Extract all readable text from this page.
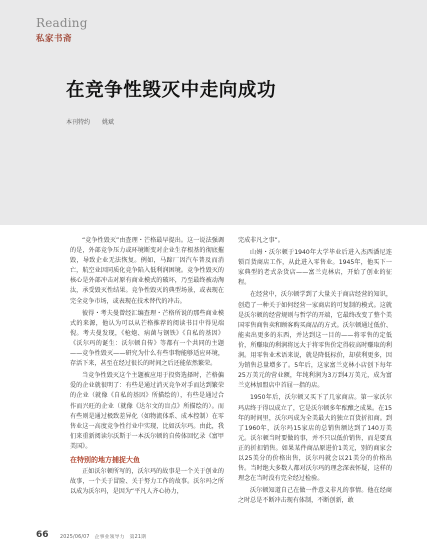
Reading
私家书斋
在竞争性毁灭中走向成功
本刊特约 姚斌

“竞争性毁灭”由查理・芒格最早提出。这一说法强调的是，外部竞争压力或环境断变对企业生存根基的彻底摧毁，导致企业无法恢复。例如，马蹄厂因汽车普及而消亡，航空业因同质化竞争陷入低利润困境。竞争性毁灭的核心是外部冲击对原有商业模式的破坏，乃至最终被动淘汰，承受毁灭性结果。竞争性毁灭的典型场景，或表现在完全竞争市场，或表现在技术替代的冲击。

彼得・考夫曼曾经汇编查理・芒格所说的那些商业模式的来源，他认为可以从芒格推荐的阅读书目中得见端倪。考夫曼发现，《枪炮、病菌与钢铁》《自私的基因》《沃尔玛的诞生：沃尔顿自传》等都有一个共同的主题——竞争性毁灭——研究为什么有些事物能够适应环境，存活下来，甚至在经过很长的时间之后还能依然繁荣。

当竞争性毁灭这个主题被应用于投资选择时，芒格偏爱的企业就很明了：有些是通过消灭竞争对手而达到繁荣的企业（就像《自私的基因》所描绘的），有些是通过合作而兴旺的企业（就像《达尔文的盲点》所描绘的）。而有些则是通过极致差异化（如物流体系、成本控制）在零售业这一高度竞争性行业中实现，比如沃尔玛。由此，我们来重新阅读尔沃斯于一本沃尔顿的自传体回忆录《富甲美国》。

在特别的地方捕捉大鱼

正如沃尔顿所写的，沃尔玛的故事是一个关于创业的故事，一个关于冒险、关于努力工作的故事。沃尔玛之所以成为沃尔玛，是因为“平凡人齐心协力，

完成非凡之事”。

山姆・沃尔顿于1940年大学毕业后进入杰西潘尼连锁百货商店工作，从此进入零售业。1945年，他买下一家典型的老式杂货店——富兰克林店，开始了创业的征程。

在经营中，沃尔顿学到了大量关于商店经营的知识，创造了一种关于如何经营一家商店的可复制的模式。这就是沃尔顿的经营规则与哲学的开端，它最终改变了整个美国零售商售卖和顾客购买商品的方式。沃尔顿通过低价、能卖出更多的东西，并达到这一目的——将零售的定低价，所赚取的利润将远大于将零售价定得较高时赚取的利润。用零售业术语来说，就是降低标价，却获利更多，因为销售总量增多了。5年后，这家富兰克林小店创下每年25万美元的营业额，年纯利润为3万到4万美元，成为富兰克林加盟店中首屈一指的店。

1950年后，沃尔顿又买下了几家商店。第一家沃尔玛店终于得以成立了，它是沃尔顿多年酝酿之成果。在15年的时间里，沃尔玛成为全美最大的独立百货折扣商。到了1960年，沃尔玛15家店的总销售额达到了140万美元。沃尔顿当时要做的事，并不只以低价销售，而是要真正的折扣销售。如果某件商品原进价1美元，别的商家会以25美分的价格出售，沃尔玛就会以21美分的价格出售。当时绝大多数人都对沃尔玛的理念深表怀疑，这样的理念在当时没有完全经过检验。

沃尔顿知道自己在做一件意义非凡的事情。他在经商之时总是不断冲击现有体制，不断创新，敢

66 2025/06/07　企事业领导力　第21期
